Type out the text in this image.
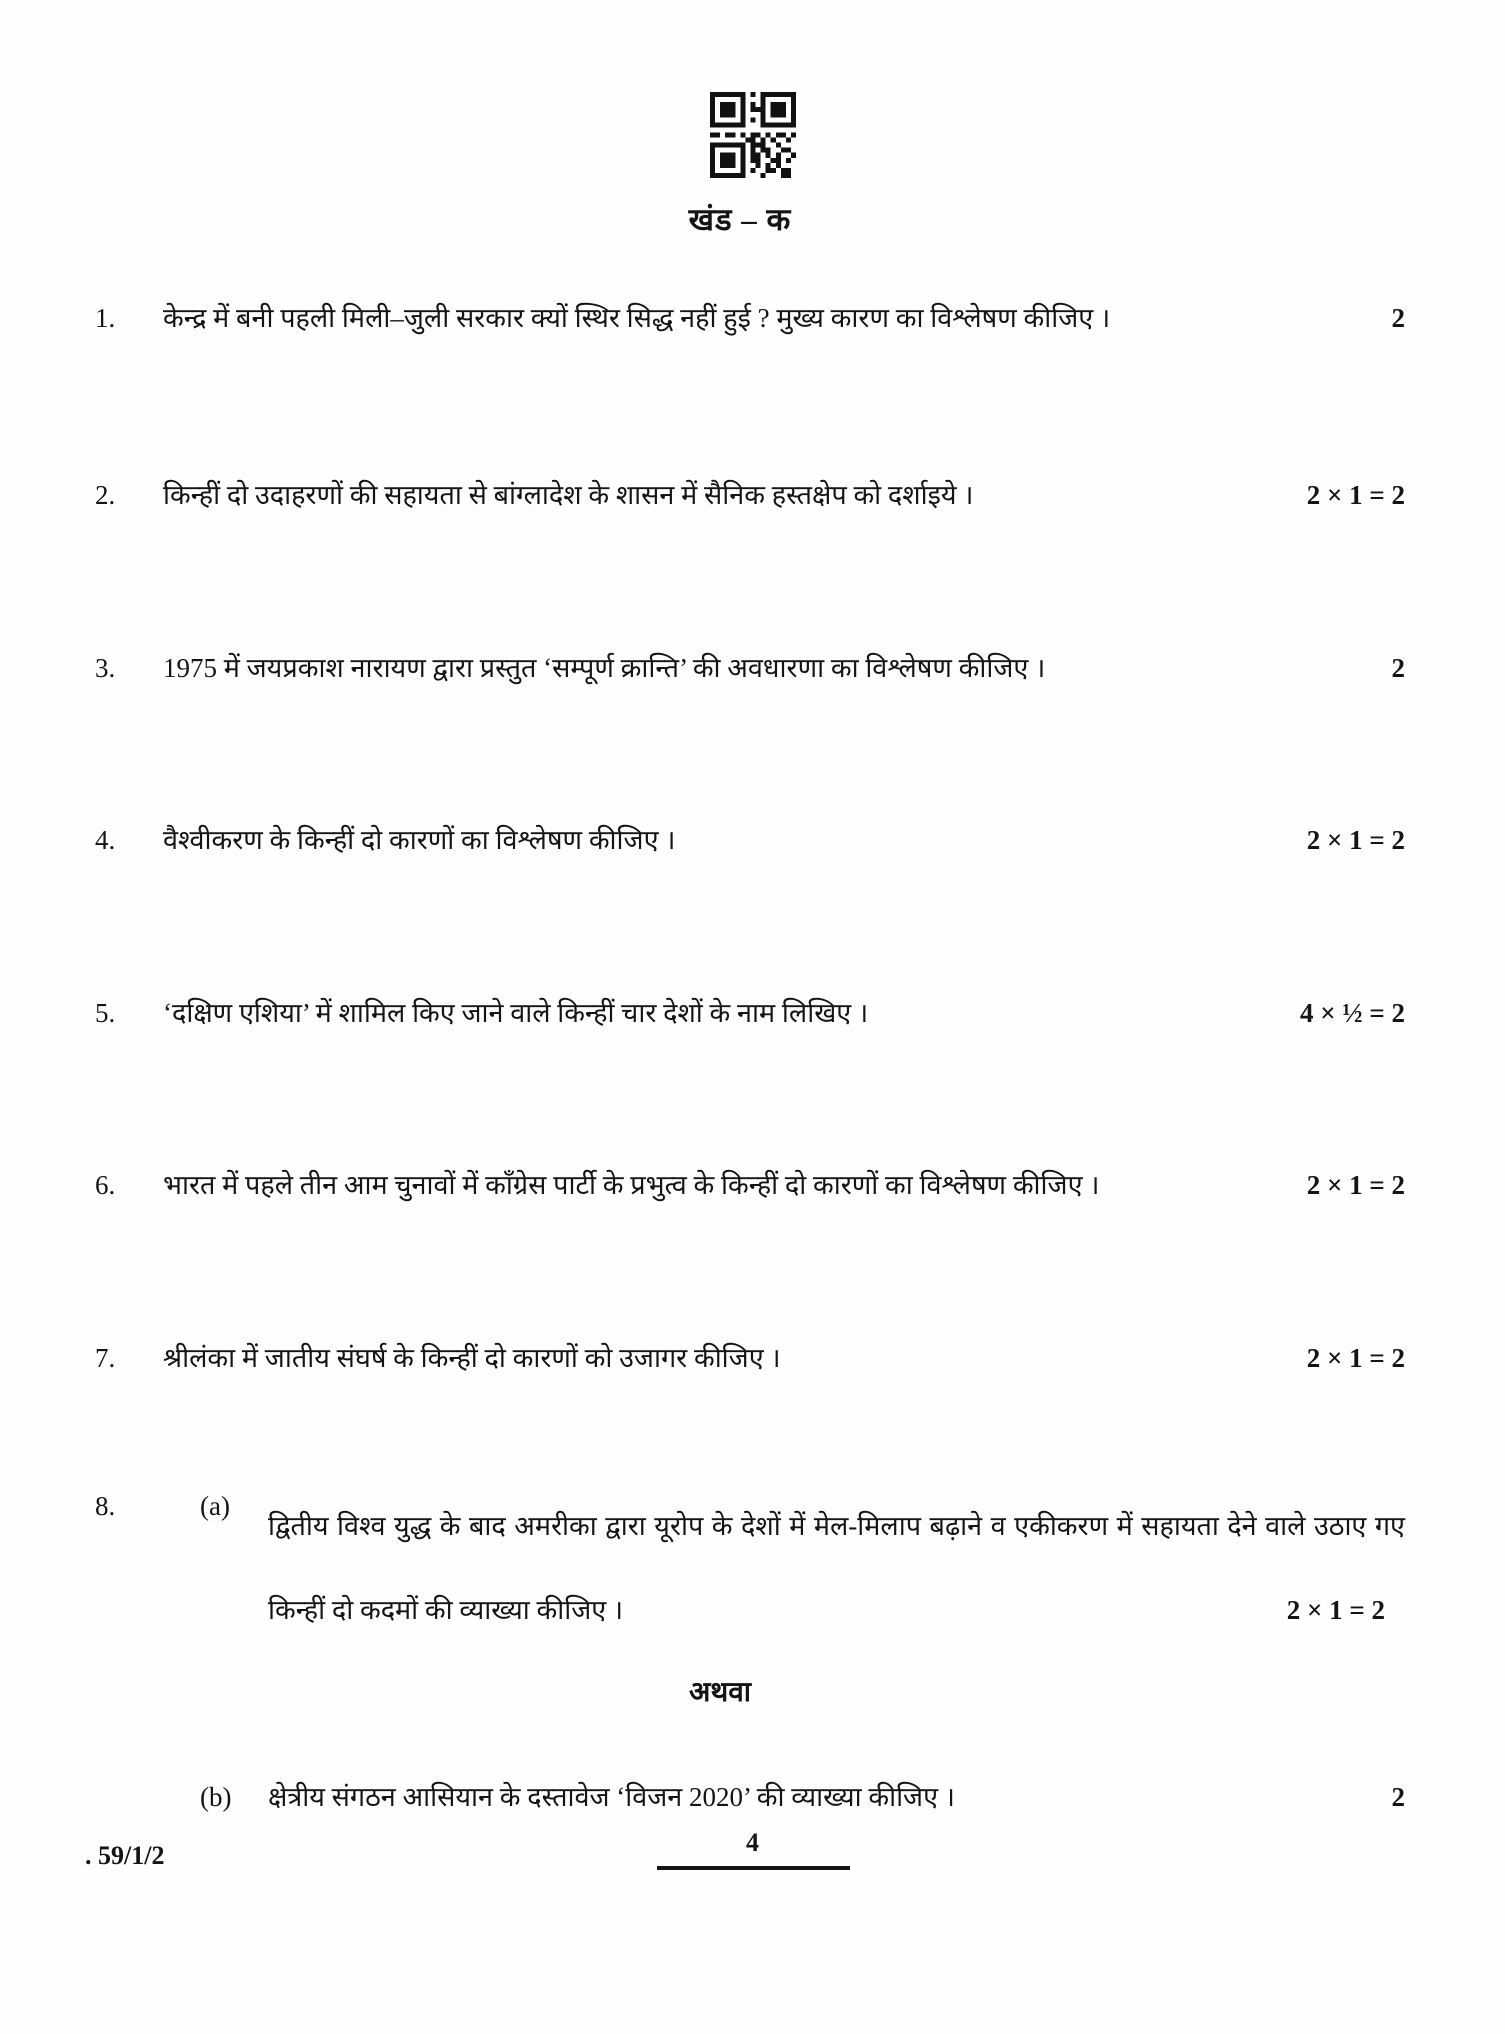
खंड – क
1.	केन्द्र में बनी पहली मिली–जुली सरकार क्यों स्थिर सिद्ध नहीं हुई ? मुख्य कारण का विश्लेषण कीजिए ।	2
2.	किन्हीं दो उदाहरणों की सहायता से बांग्लादेश के शासन में सैनिक हस्तक्षेप को दर्शाइये ।	2 × 1 = 2
3.	1975 में जयप्रकाश नारायण द्वारा प्रस्तुत ‘सम्पूर्ण क्रान्ति’ की अवधारणा का विश्लेषण कीजिए ।	2
4.	वैश्वीकरण के किन्हीं दो कारणों का विश्लेषण कीजिए ।	2 × 1 = 2
5.	‘दक्षिण एशिया’ में शामिल किए जाने वाले किन्हीं चार देशों के नाम लिखिए ।	4 × ½ = 2
6.	भारत में पहले तीन आम चुनावों में काँग्रेस पार्टी के प्रभुत्व के किन्हीं दो कारणों का विश्लेषण कीजिए ।	2 × 1 = 2
7.	श्रीलंका में जातीय संघर्ष के किन्हीं दो कारणों को उजागर कीजिए ।	2 × 1 = 2
8.	(a)
द्वितीय विश्व युद्ध के बाद अमरीका द्वारा यूरोप के देशों में मेल-मिलाप बढ़ाने व एकीकरण में सहायता देने वाले उठाए गए किन्हीं दो कदमों की व्याख्या कीजिए ।	2 × 1 = 2
अथवा
(b)	क्षेत्रीय संगठन आसियान के दस्तावेज ‘विजन 2020’ की व्याख्या कीजिए ।	2
. 59/1/2	4
